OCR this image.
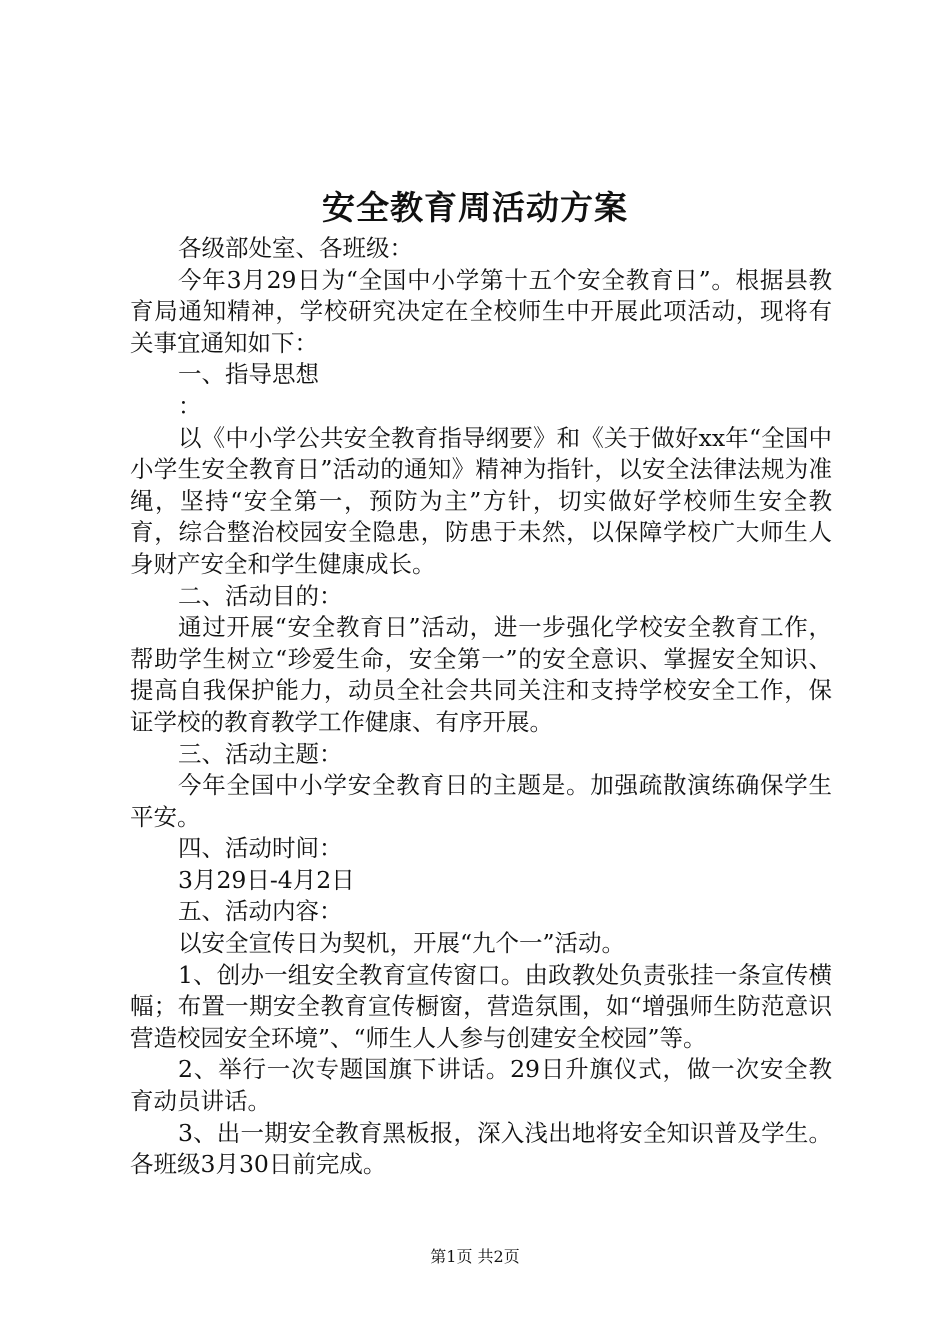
安全教育周活动方案

各级部处室、各班级：

今年3月29日为“全国中小学第十五个安全教育日”。根据县教育局通知精神，学校研究决定在全校师生中开展此项活动，现将有关事宜通知如下：

一、指导思想

：

以《中小学公共安全教育指导纲要》和《关于做好xx年“全国中小学生安全教育日”活动的通知》精神为指针，以安全法律法规为准绳，坚持“安全第一，预防为主”方针，切实做好学校师生安全教育，综合整治校园安全隐患，防患于未然，以保障学校广大师生人身财产安全和学生健康成长。

二、活动目的：

通过开展“安全教育日”活动，进一步强化学校安全教育工作，帮助学生树立“珍爱生命，安全第一”的安全意识、掌握安全知识、提高自我保护能力，动员全社会共同关注和支持学校安全工作，保证学校的教育教学工作健康、有序开展。

三、活动主题：

今年全国中小学安全教育日的主题是。加强疏散演练确保学生平安。

四、活动时间：

3月29日-4月2日

五、活动内容：

以安全宣传日为契机，开展“九个一”活动。

1、创办一组安全教育宣传窗口。由政教处负责张挂一条宣传横幅；布置一期安全教育宣传橱窗，营造氛围，如“增强师生防范意识营造校园安全环境”、“师生人人参与创建安全校园”等。

2、举行一次专题国旗下讲话。29日升旗仪式，做一次安全教育动员讲话。

3、出一期安全教育黑板报，深入浅出地将安全知识普及学生。各班级3月30日前完成。

第1页 共2页
